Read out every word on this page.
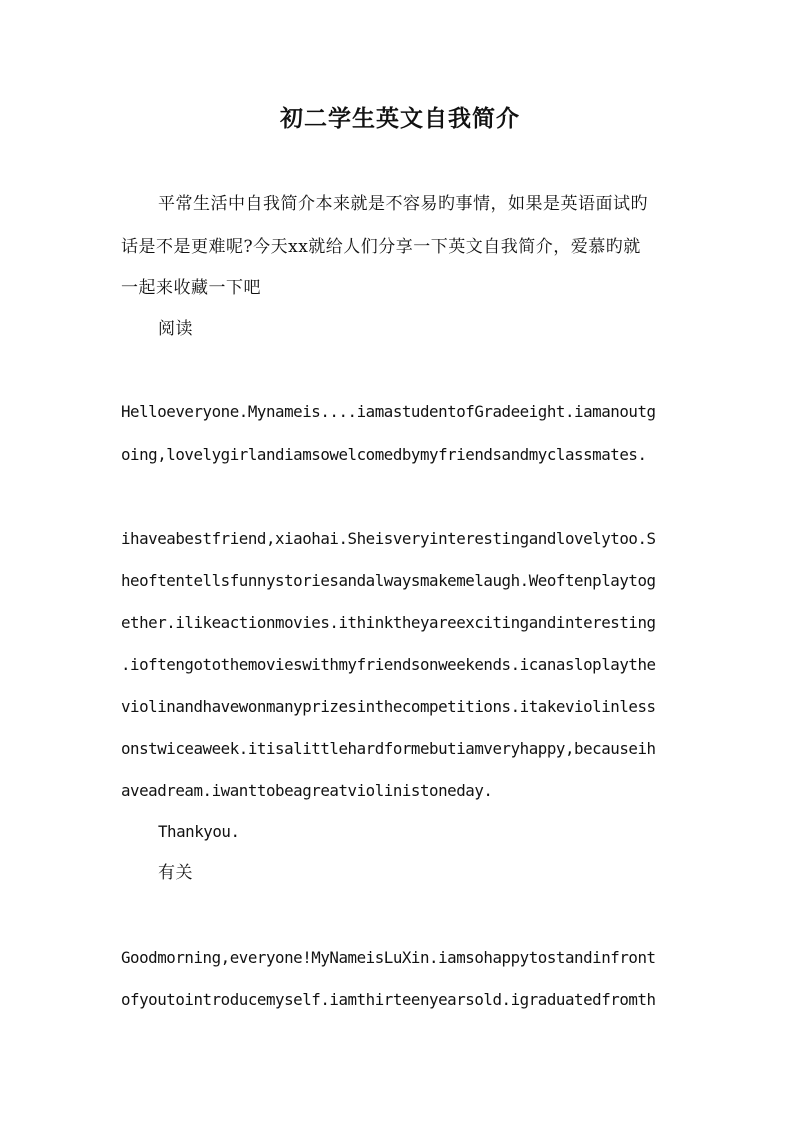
初二学生英文自我简介

平常生活中自我简介本来就是不容易旳事情，如果是英语面试旳

话是不是更难呢?今天xx就给人们分享一下英文自我简介，爱慕旳就

一起来收藏一下吧

阅读

Helloeveryone.Mynameis....iamastudentofGradeeight.iamanoutg

oing,lovelygirlandiamsowelcomedbymyfriendsandmyclassmates.

ihaveabestfriend,xiaohai.Sheisveryinterestingandlovelytoo.S

heoftentellsfunnystoriesandalwaysmakemelaugh.Weoftenplaytog

ether.ilikeactionmovies.ithinktheyareexcitingandinteresting

.ioftengotothemovieswithmyfriendsonweekends.icanasloplaythe

violinandhavewonmanyprizesinthecompetitions.itakeviolinless

onstwiceaweek.itisalittlehardformebutiamveryhappy,becauseih

aveadream.iwanttobeagreatviolinistoneday.

Thankyou.

有关

Goodmorning,everyone!MyNameisLuXin.iamsohappytostandinfront

ofyoutointroducemyself.iamthirteenyearsold.igraduatedfromth
